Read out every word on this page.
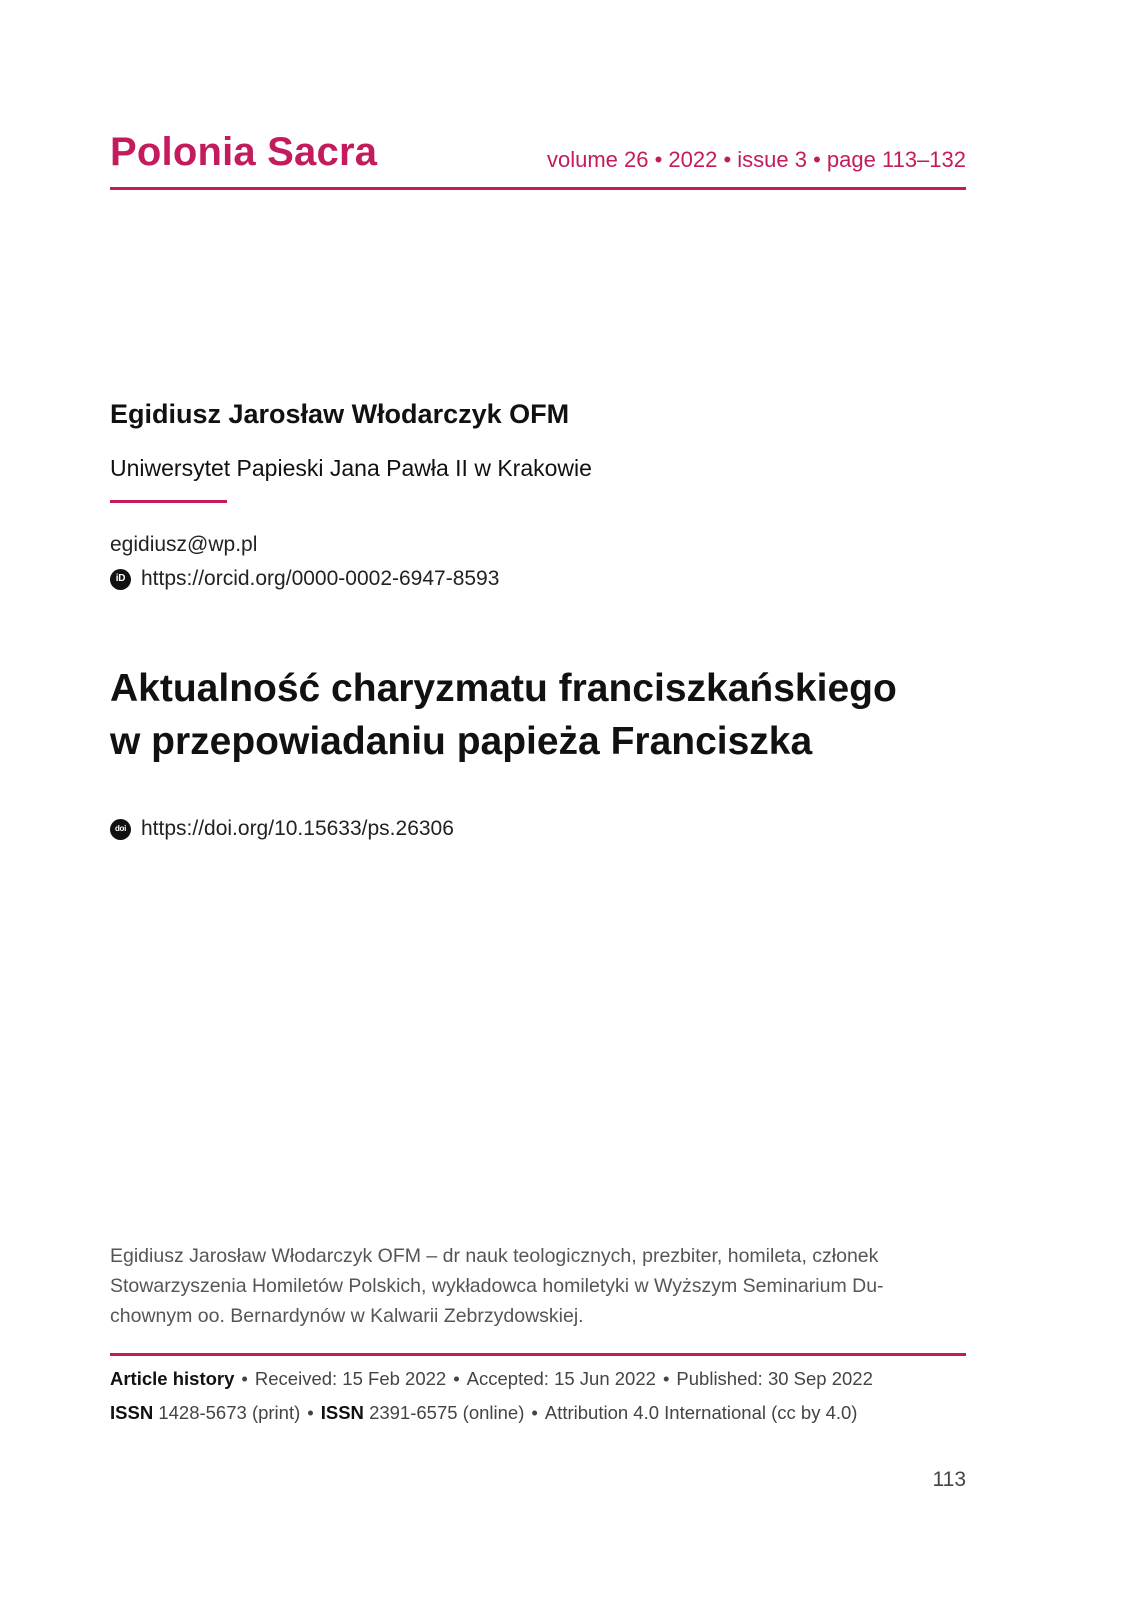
Polonia Sacra	volume 26 • 2022 • issue 3 • page 113–132
Egidiusz Jarosław Włodarczyk OFM
Uniwersytet Papieski Jana Pawła II w Krakowie
egidiusz@wp.pl
iD https://orcid.org/0000-0002-6947-8593
Aktualność charyzmatu franciszkańskiego
w przepowiadaniu papieża Franciszka
doi https://doi.org/10.15633/ps.26306
Egidiusz Jarosław Włodarczyk OFM – dr nauk teologicznych, prezbiter, homileta, członek
Stowarzyszenia Homiletów Polskich, wykładowca homiletyki w Wyższym Seminarium Du-
chownym oo. Bernardynów w Kalwarii Zebrzydowskiej.
Article history • Received: 15 Feb 2022 • Accepted: 15 Jun 2022 • Published: 30 Sep 2022
ISSN 1428-5673 (print) • ISSN 2391-6575 (online) • Attribution 4.0 International (cc by 4.0)
113
